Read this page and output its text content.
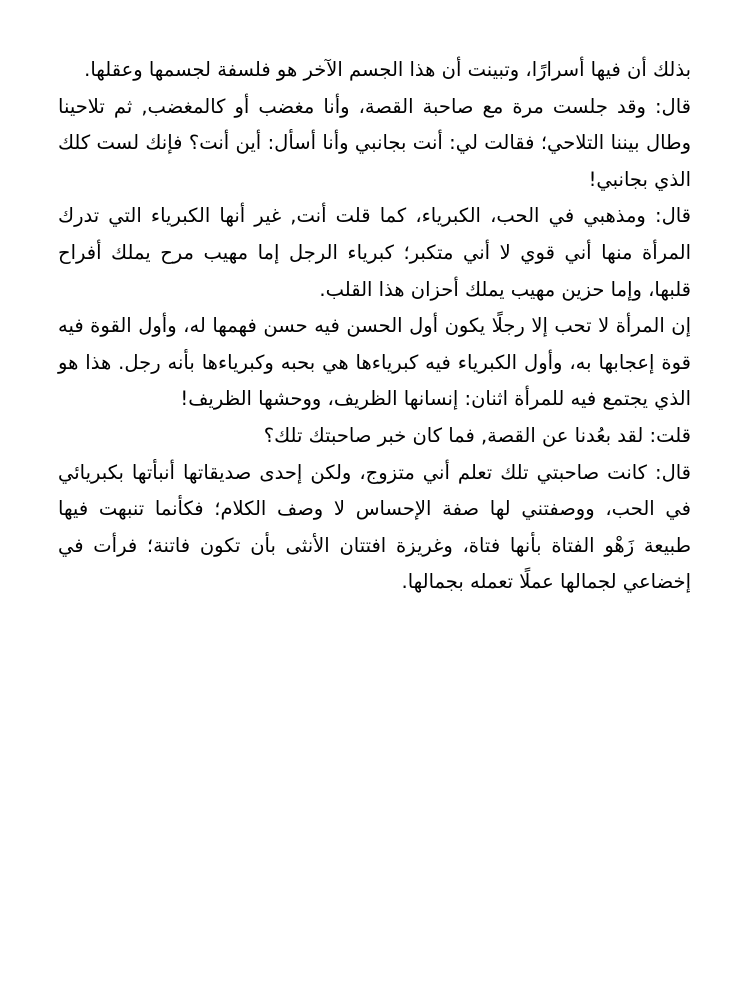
بذلك أن فيها أسرارًا، وتبينت أن هذا الجسم الآخر هو فلسفة لجسمها وعقلها.

قال: وقد جلست مرة مع صاحبة القصة، وأنا مغضب أو كالمغضب, ثم تلاحينا وطال بيننا التلاحي؛ فقالت لي: أنت بجانبي وأنا أسأل: أين أنت؟ فإنك لست كلك الذي بجانبي!

قال: ومذهبي في الحب، الكبرياء، كما قلت أنت, غير أنها الكبرياء التي تدرك المرأة منها أني قوي لا أني متكبر؛ كبرياء الرجل إما مهيب مرح يملك أفراح قلبها، وإما حزين مهيب يملك أحزان هذا القلب.

إن المرأة لا تحب إلا رجلًا يكون أول الحسن فيه حسن فهمها له، وأول القوة فيه قوة إعجابها به، وأول الكبرياء فيه كبرياءها هي بحبه وكبرياءها بأنه رجل. هذا هو الذي يجتمع فيه للمرأة اثنان: إنسانها الظريف، ووحشها الظريف!

قلت: لقد بعُدنا عن القصة, فما كان خبر صاحبتك تلك؟

قال: كانت صاحبتي تلك تعلم أني متزوج، ولكن إحدى صديقاتها أنبأتها بكبريائي في الحب، ووصفتني لها صفة الإحساس لا وصف الكلام؛ فكأنما تنبهت فيها طبيعة زَهْو الفتاة بأنها فتاة، وغريزة افتتان الأنثى بأن تكون فاتنة؛ فرأت في إخضاعي لجمالها عملًا تعمله بجمالها.
